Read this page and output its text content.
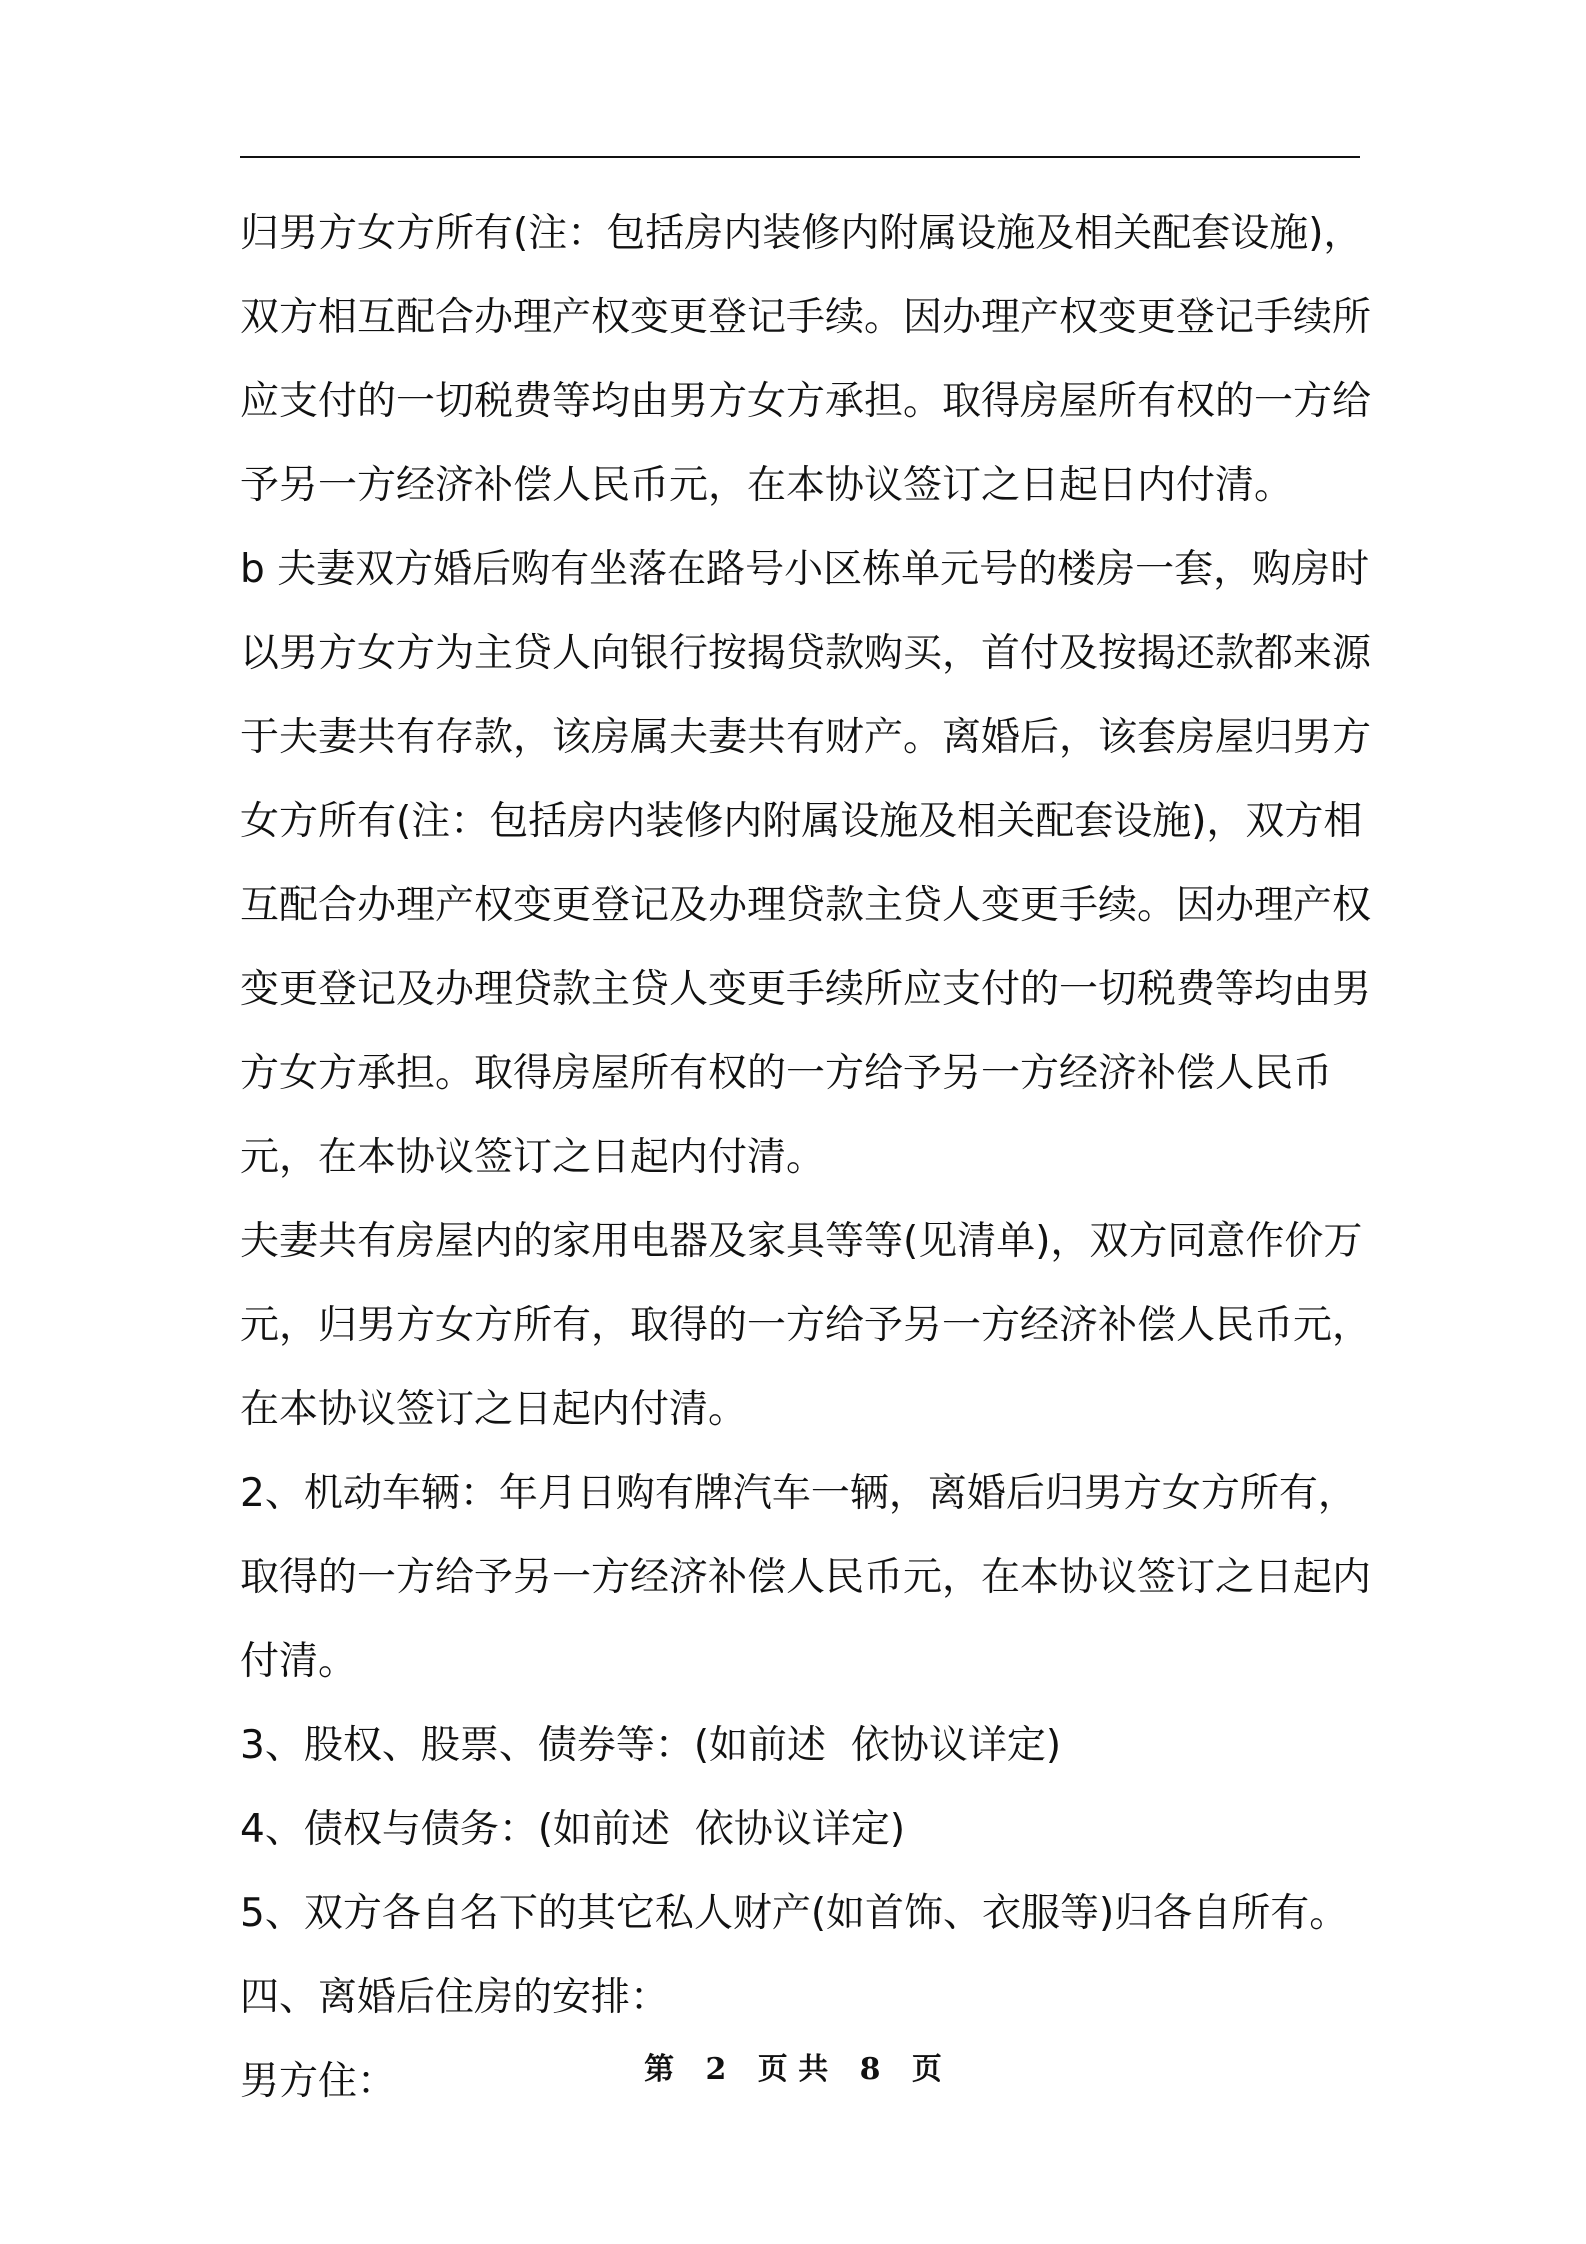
归男方女方所有(注：包括房内装修内附属设施及相关配套设施)，双方相互配合办理产权变更登记手续。因办理产权变更登记手续所应支付的一切税费等均由男方女方承担。取得房屋所有权的一方给予另一方经济补偿人民币元，在本协议签订之日起日内付清。

b 夫妻双方婚后购有坐落在路号小区栋单元号的楼房一套，购房时以男方女方为主贷人向银行按揭贷款购买，首付及按揭还款都来源于夫妻共有存款，该房属夫妻共有财产。离婚后，该套房屋归男方女方所有(注：包括房内装修内附属设施及相关配套设施)，双方相互配合办理产权变更登记及办理贷款主贷人变更手续。因办理产权变更登记及办理贷款主贷人变更手续所应支付的一切税费等均由男方女方承担。取得房屋所有权的一方给予另一方经济补偿人民币元，在本协议签订之日起内付清。

夫妻共有房屋内的家用电器及家具等等(见清单)，双方同意作价万元，归男方女方所有，取得的一方给予另一方经济补偿人民币元，在本协议签订之日起内付清。

2、机动车辆：年月日购有牌汽车一辆，离婚后归男方女方所有，取得的一方给予另一方经济补偿人民币元，在本协议签订之日起内付清。

3、股权、股票、债券等：(如前述  依协议详定)

4、债权与债务：(如前述  依协议详定)

5、双方各自名下的其它私人财产(如首饰、衣服等)归各自所有。

四、离婚后住房的安排：

男方住：	第 2 页 共 8 页
